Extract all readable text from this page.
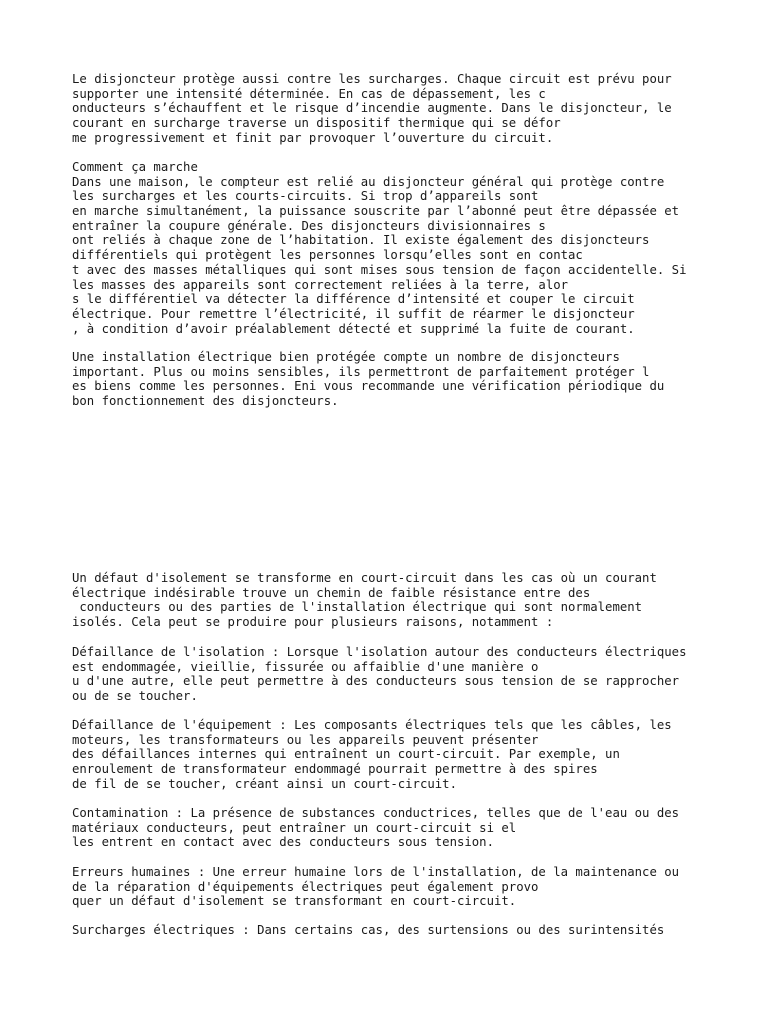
Le disjoncteur protège aussi contre les surcharges. Chaque circuit est prévu pour
supporter une intensité déterminée. En cas de dépassement, les c
onducteurs s’échauffent et le risque d’incendie augmente. Dans le disjoncteur, le
courant en surcharge traverse un dispositif thermique qui se défor
me progressivement et finit par provoquer l’ouverture du circuit.
Comment ça marche
Dans une maison, le compteur est relié au disjoncteur général qui protège contre
les surcharges et les courts-circuits. Si trop d’appareils sont
en marche simultanément, la puissance souscrite par l’abonné peut être dépassée et
entraîner la coupure générale. Des disjoncteurs divisionnaires s
ont reliés à chaque zone de l’habitation. Il existe également des disjoncteurs
différentiels qui protègent les personnes lorsqu’elles sont en contac
t avec des masses métalliques qui sont mises sous tension de façon accidentelle. Si
les masses des appareils sont correctement reliées à la terre, alor
s le différentiel va détecter la différence d’intensité et couper le circuit
électrique. Pour remettre l’électricité, il suffit de réarmer le disjoncteur
, à condition d’avoir préalablement détecté et supprimé la fuite de courant.
Une installation électrique bien protégée compte un nombre de disjoncteurs
important. Plus ou moins sensibles, ils permettront de parfaitement protéger l
es biens comme les personnes. Eni vous recommande une vérification périodique du
bon fonctionnement des disjoncteurs.
Un défaut d'isolement se transforme en court-circuit dans les cas où un courant
électrique indésirable trouve un chemin de faible résistance entre des
conducteurs ou des parties de l'installation électrique qui sont normalement
isolés. Cela peut se produire pour plusieurs raisons, notamment :
Défaillance de l'isolation : Lorsque l'isolation autour des conducteurs électriques
est endommagée, vieillie, fissurée ou affaiblie d'une manière o
u d'une autre, elle peut permettre à des conducteurs sous tension de se rapprocher
ou de se toucher.
Défaillance de l'équipement : Les composants électriques tels que les câbles, les
moteurs, les transformateurs ou les appareils peuvent présenter
des défaillances internes qui entraînent un court-circuit. Par exemple, un
enroulement de transformateur endommagé pourrait permettre à des spires
de fil de se toucher, créant ainsi un court-circuit.
Contamination : La présence de substances conductrices, telles que de l'eau ou des
matériaux conducteurs, peut entraîner un court-circuit si el
les entrent en contact avec des conducteurs sous tension.
Erreurs humaines : Une erreur humaine lors de l'installation, de la maintenance ou
de la réparation d'équipements électriques peut également provo
quer un défaut d'isolement se transformant en court-circuit.
Surcharges électriques : Dans certains cas, des surtensions ou des surintensités
